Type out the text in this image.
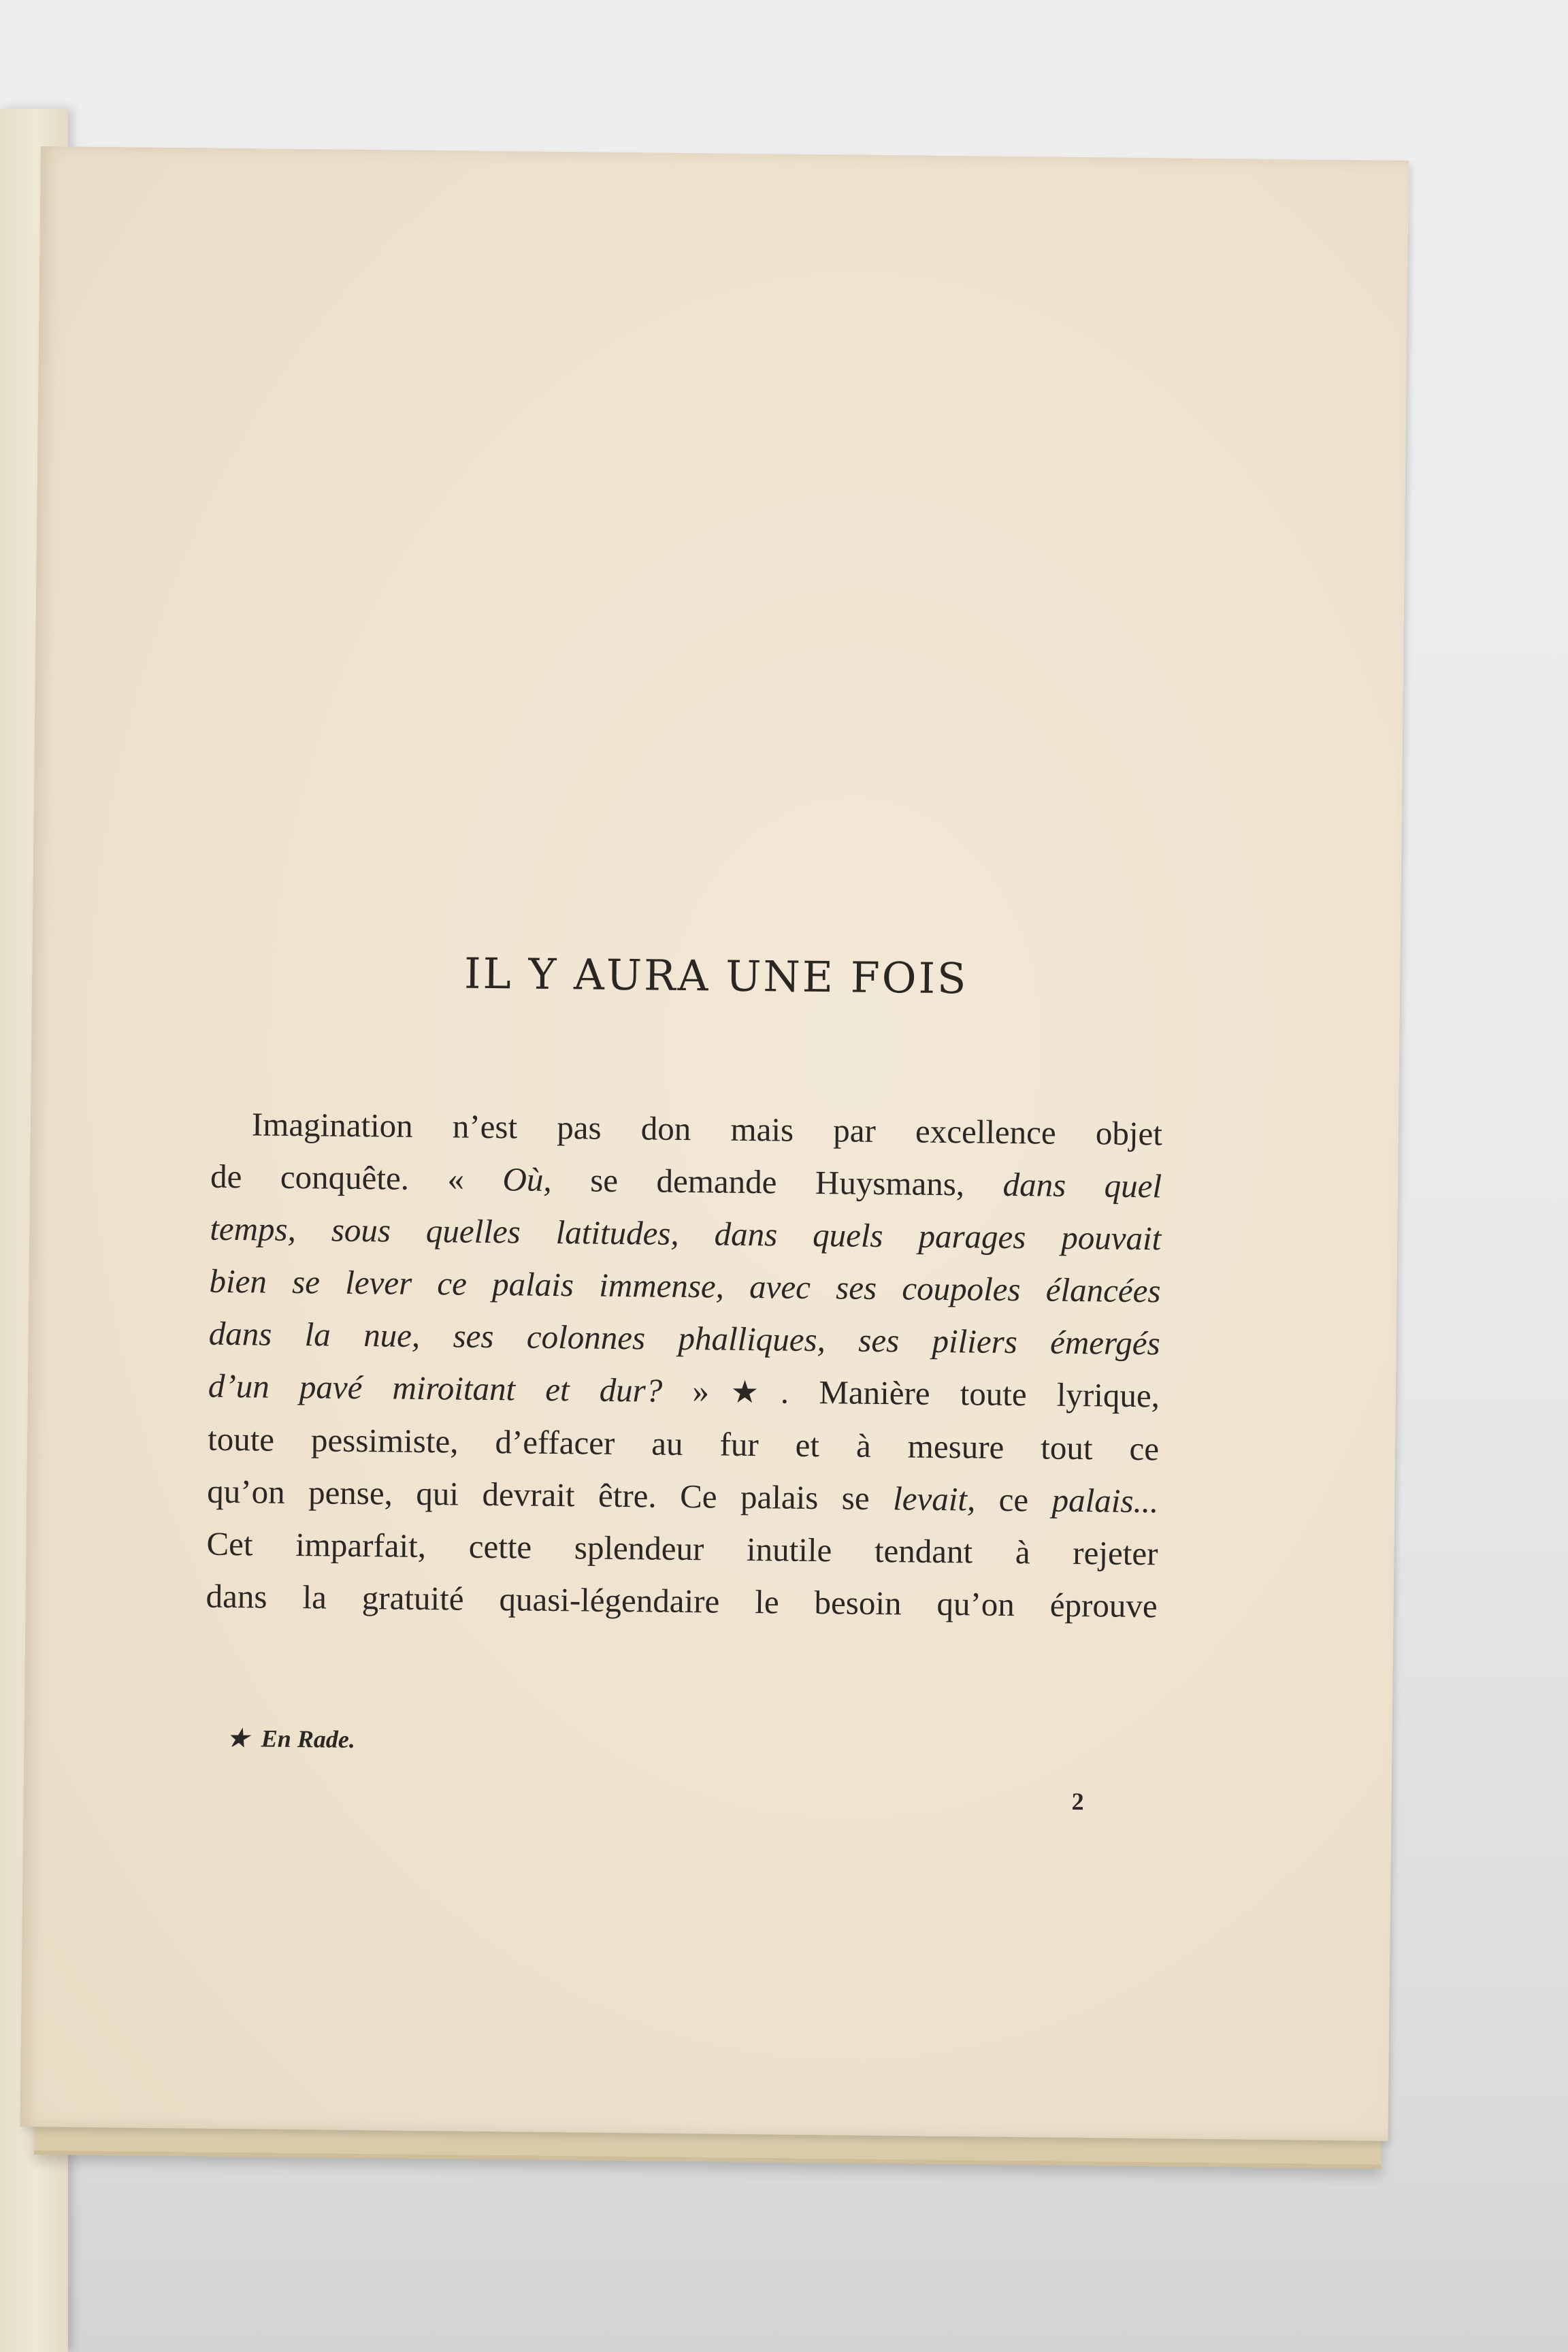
IL Y AURA UNE FOIS
Imagination n’est pas don mais par excellence objet
de conquête. « Où, se demande Huysmans, dans quel
temps, sous quelles latitudes, dans quels parages pouvait
bien se lever ce palais immense, avec ses coupoles élancées
dans la nue, ses colonnes phalliques, ses piliers émergés
d’un pavé miroitant et dur? »★. Manière toute lyrique,
toute pessimiste, d’effacer au fur et à mesure tout ce
qu’on pense, qui devrait être. Ce palais se levait, ce palais...
Cet imparfait, cette splendeur inutile tendant à rejeter
dans la gratuité quasi-légendaire le besoin qu’on éprouve
★ En Rade.
2
